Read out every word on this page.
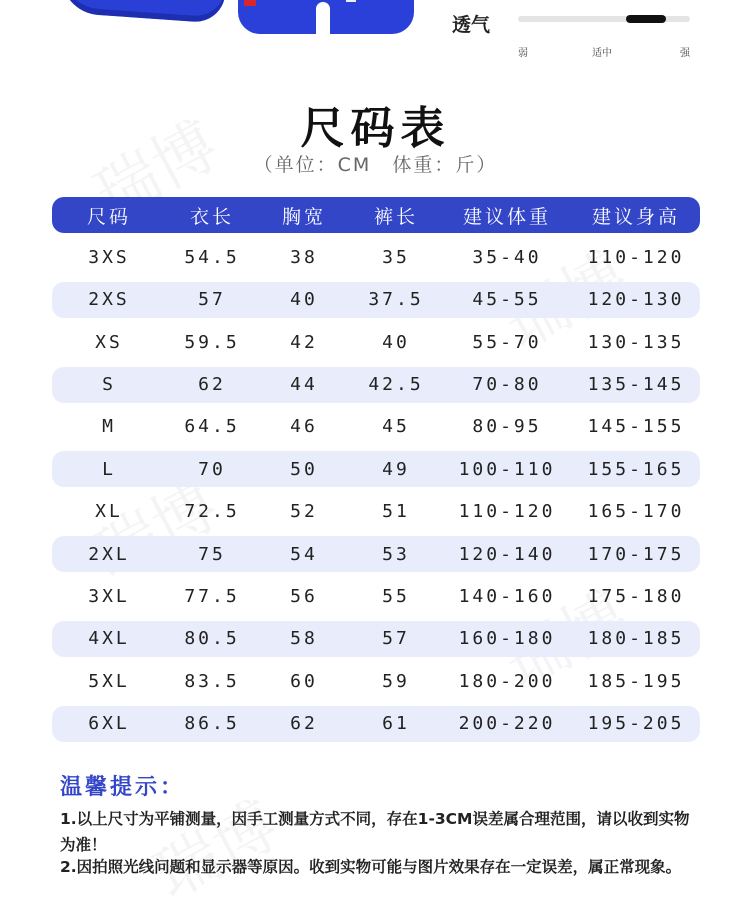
透气
弱	适中	强
尺码表
（单位：CM　体重：斤）
尺码	衣长	胸宽	裤长	建议体重	建议身高
3XS	54.5	38	35	35-40	110-120
2XS	57	40	37.5	45-55	120-130
XS	59.5	42	40	55-70	130-135
S	62	44	42.5	70-80	135-145
M	64.5	46	45	80-95	145-155
L	70	50	49	100-110	155-165
XL	72.5	52	51	110-120	165-170
2XL	75	54	53	120-140	170-175
3XL	77.5	56	55	140-160	175-180
4XL	80.5	58	57	160-180	180-185
5XL	83.5	60	59	180-200	185-195
6XL	86.5	62	61	200-220	195-205
温馨提示：
1.以上尺寸为平铺测量，因手工测量方式不同，存在1-3CM误差属合理范围，请以收到实物为准！
2.因拍照光线问题和显示器等原因。收到实物可能与图片效果存在一定误差，属正常现象。
